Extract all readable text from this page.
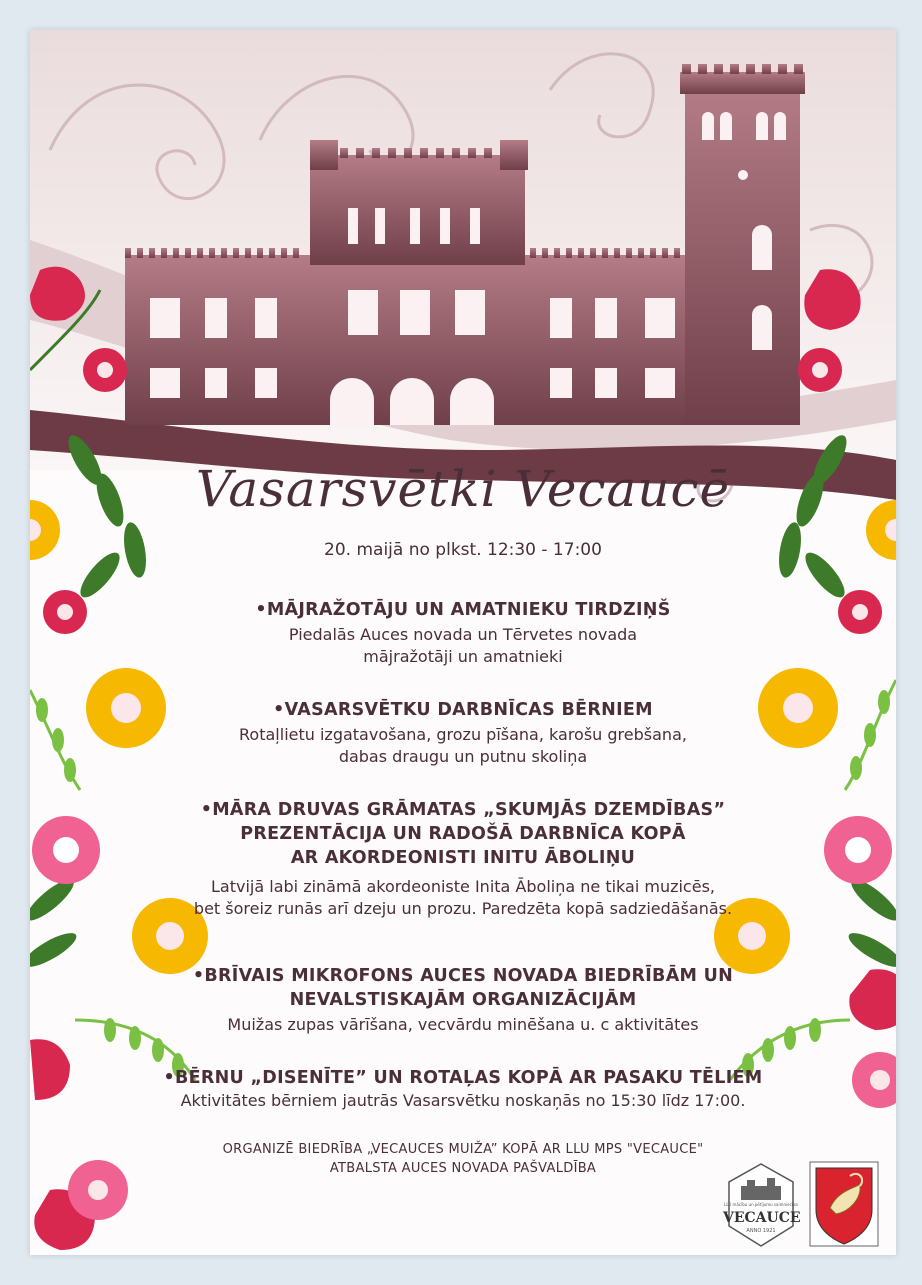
Vasarsvētki Vecaucē
20. maijā no plkst. 12:30 - 17:00
•MĀJRAŽOTĀJU UN AMATNIEKU TIRDZIŅŠ
Piedalās Auces novada un Tērvetes novada
mājražotāji un amatnieki
•VASARSVĒTKU DARBNĪCAS BĒRNIEM
Rotaļlietu izgatavošana, grozu pīšana, karošu grebšana,
dabas draugu un putnu skoliņa
•MĀRA DRUVAS GRĀMATAS „SKUMJĀS DZEMDĪBAS”
PREZENTĀCIJA UN RADOŠĀ DARBNĪCA KOPĀ
AR AKORDEONISTI INITU ĀBOLIŅU
Latvijā labi zināmā akordeoniste Inita Āboliņa ne tikai muzicēs,
bet šoreiz runās arī dzeju un prozu. Paredzēta kopā sadziedāšanās.
•BRĪVAIS MIKROFONS AUCES NOVADA BIEDRĪBĀM UN
NEVALSTISKAJĀM ORGANIZĀCIJĀM
Muižas zupas vārīšana, vecvārdu minēšana u. c aktivitātes
•BĒRNU „DISENĪTE” UN ROTAĻAS KOPĀ AR PASAKU TĒLIEM
Aktivitātes bērniem jautrās Vasarsvētku noskaņās no 15:30 līdz 17:00.
ORGANIZĒ BIEDRĪBA „VECAUCES MUIŽA” KOPĀ AR LLU MPS "VECAUCE"
ATBALSTA AUCES NOVADA PAŠVALDĪBA
LLU mācību un pētījumu saimniecība
VECAUCE
ANNO 1921
